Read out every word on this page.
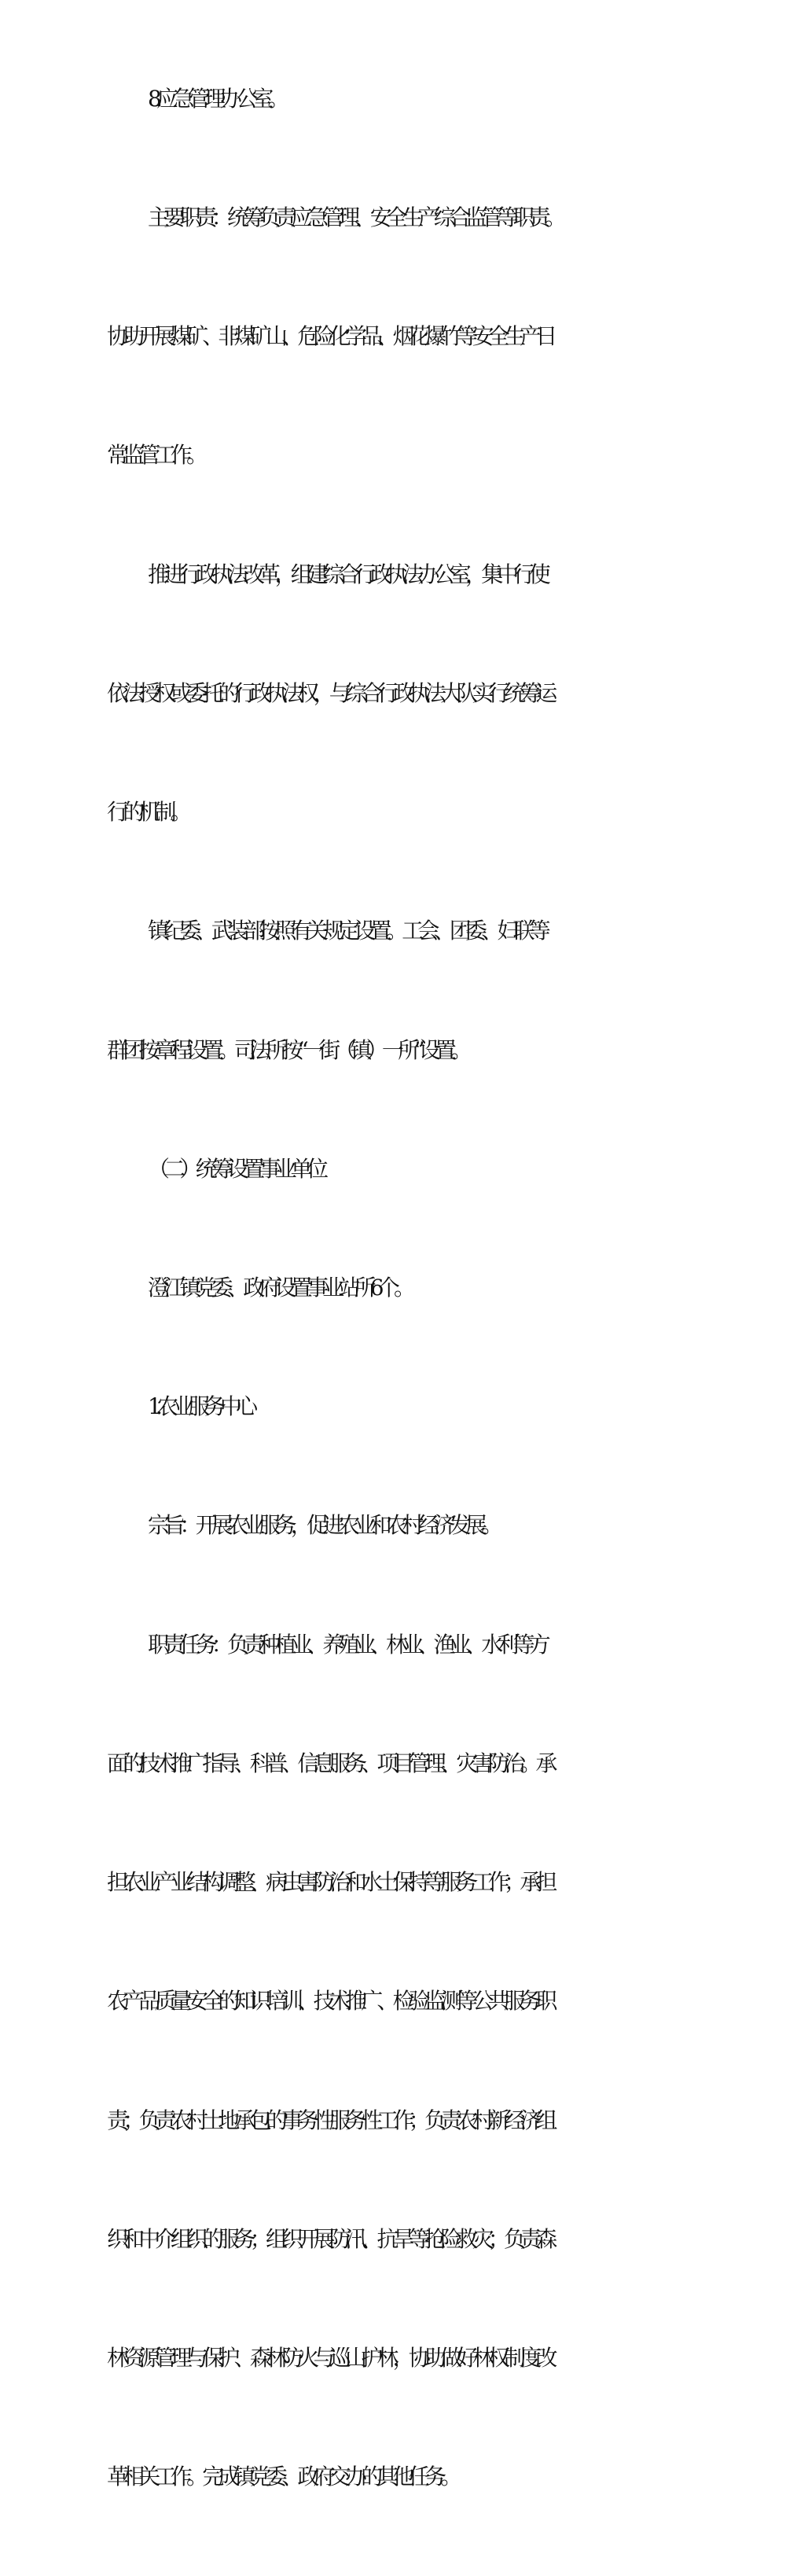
8.应急管理办公室。

主要职责：统筹负责应急管理、安全生产综合监管等职责。

协助开展煤矿、非煤矿山、危险化学品、烟花爆竹等安全生产日

常监管工作。

推进行政执法改革，组建综合行政执法办公室，集中行使

依法授权或委托的行政执法权，与综合行政执法大队实行统筹运

行的机制。

镇纪委、武装部按照有关规定设置。工会、团委、妇联等

群团按章程设置。司法所按“一街（镇）一所”设置。

（二）统筹设置事业单位

澄江镇党委、政府设置事业站所6个。

1.农业服务中心

宗旨：开展农业服务，促进农业和农村经济发展。

职责任务：负责种植业、养殖业、林业、渔业、水利等方

面的技术推广指导、科普、信息服务、项目管理、灾害防治。承

担农业产业结构调整、病虫害防治和水土保持等服务工作；承担

农产品质量安全的知识培训、技术推广、检验监测等公共服务职

责；负责农村土地承包的事务性服务性工作；负责农村新经济组

织和中介组织的服务；组织开展防汛、抗旱等抢险救灾；负责森

林资源管理与保护、森林防火与巡山护林，协助做好林权制度改

革相关工作。完成镇党委、政府交办的其他任务。
